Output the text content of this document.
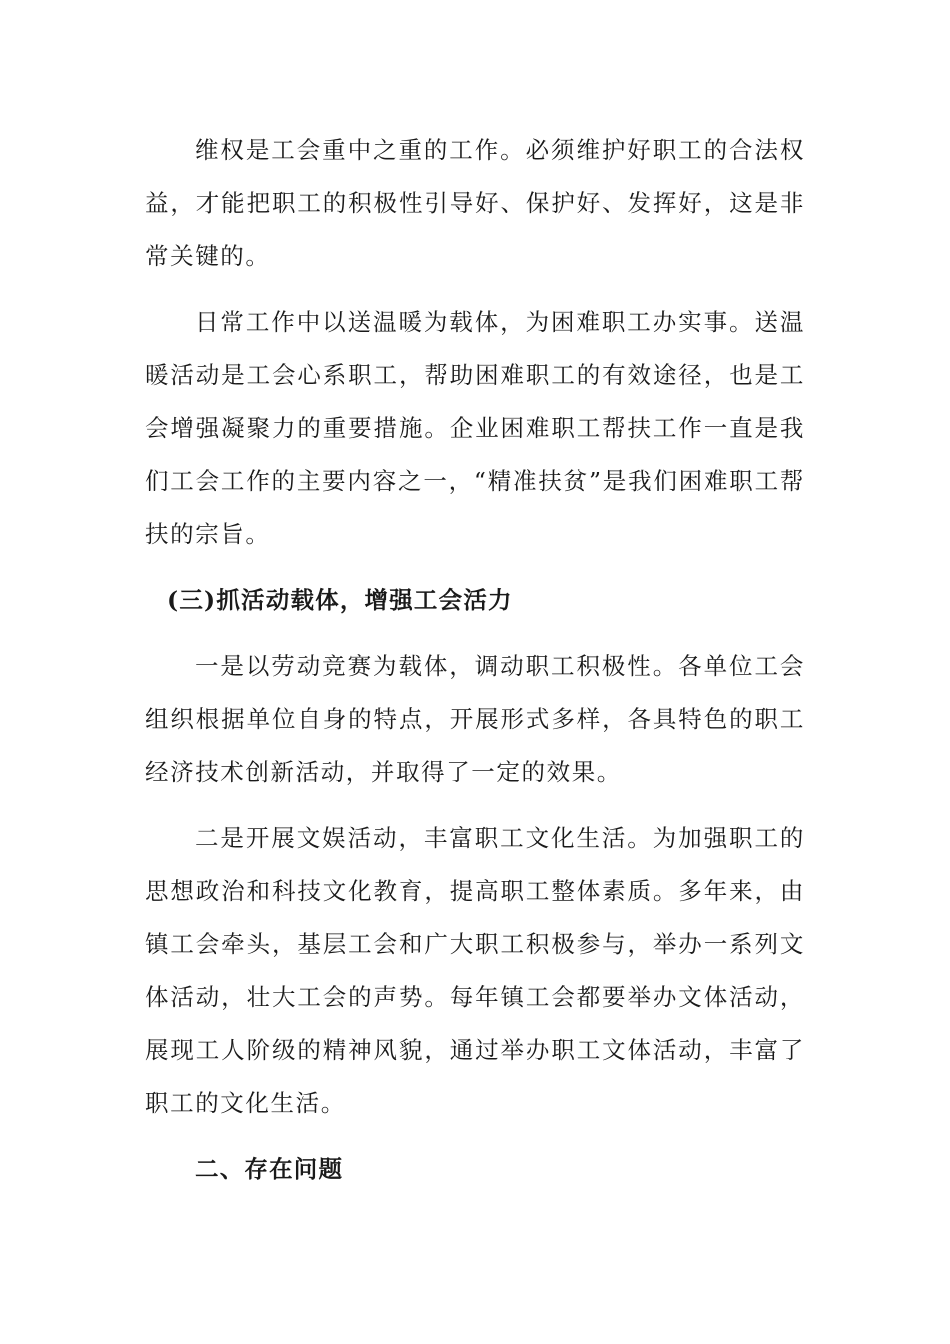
维权是工会重中之重的工作。必须维护好职工的合法权益，才能把职工的积极性引导好、保护好、发挥好，这是非常关键的。

日常工作中以送温暖为载体，为困难职工办实事。送温暖活动是工会心系职工，帮助困难职工的有效途径，也是工会增强凝聚力的重要措施。企业困难职工帮扶工作一直是我们工会工作的主要内容之一，“精准扶贫”是我们困难职工帮扶的宗旨。

(三)抓活动载体，增强工会活力

一是以劳动竞赛为载体，调动职工积极性。各单位工会组织根据单位自身的特点，开展形式多样，各具特色的职工经济技术创新活动，并取得了一定的效果。

二是开展文娱活动，丰富职工文化生活。为加强职工的思想政治和科技文化教育，提高职工整体素质。多年来，由镇工会牵头，基层工会和广大职工积极参与，举办一系列文体活动，壮大工会的声势。每年镇工会都要举办文体活动，展现工人阶级的精神风貌，通过举办职工文体活动，丰富了职工的文化生活。

二、存在问题
